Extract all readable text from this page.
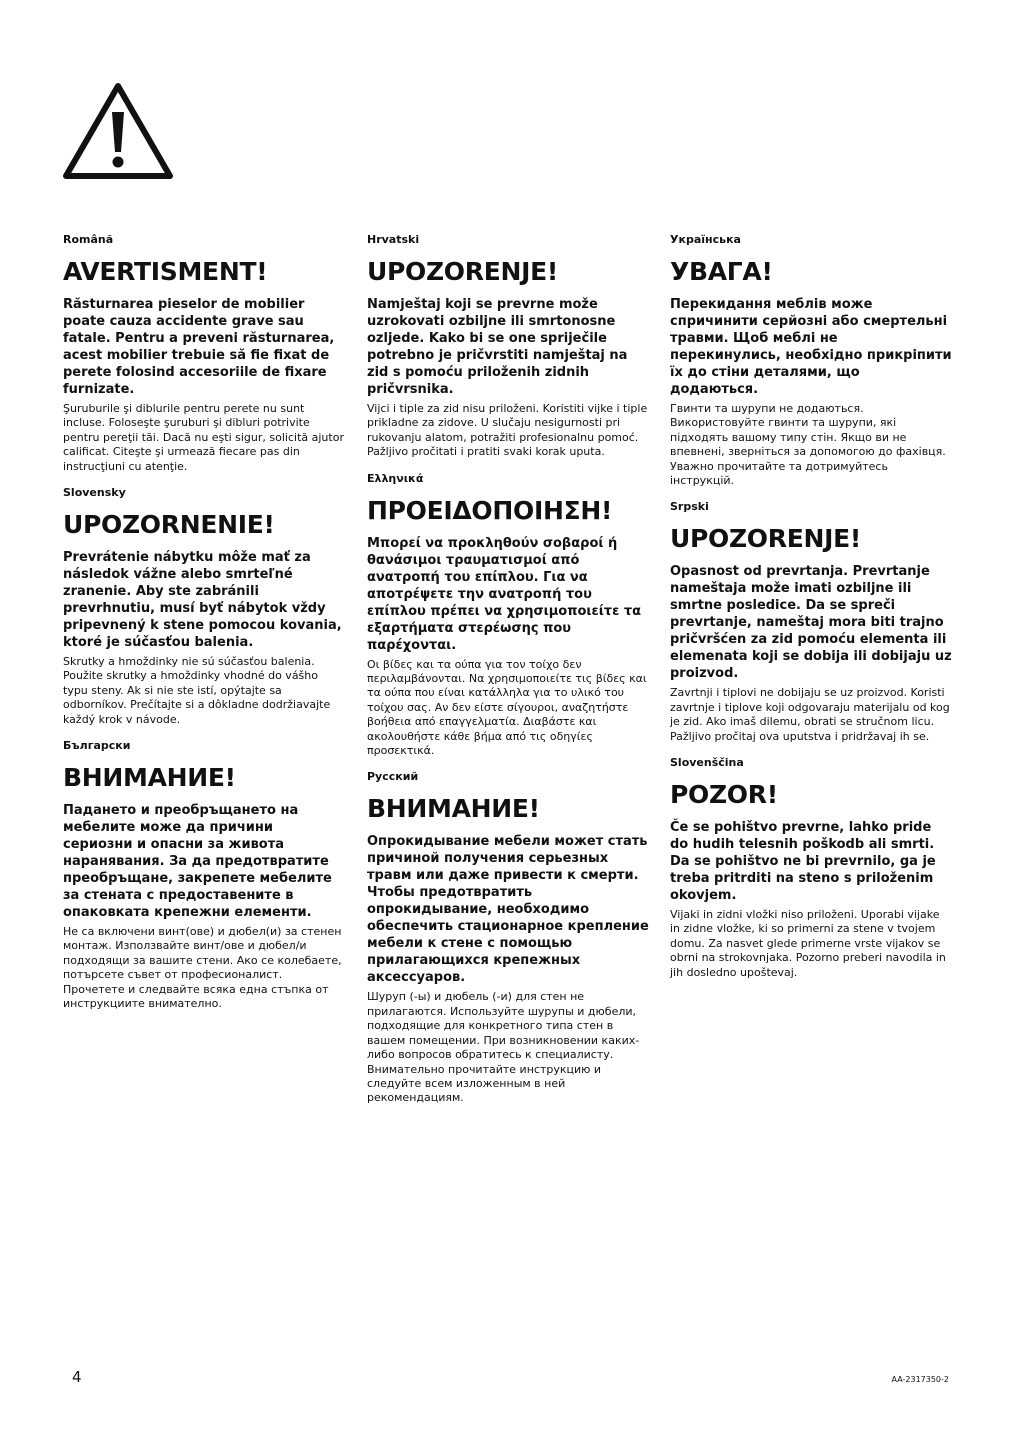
Română
AVERTISMENT!

Răsturnarea pieselor de mobilier poate cauza accidente grave sau fatale. Pentru a preveni răsturnarea, acest mobilier trebuie să fie fixat de perete folosind accesoriile de fixare furnizate.

Şuruburile şi diblurile pentru perete nu sunt incluse. Foloseşte şuruburi şi dibluri potrivite pentru pereţii tăi. Dacă nu eşti sigur, solicită ajutor calificat. Citeşte şi urmează fiecare pas din instrucţiuni cu atenţie.

Slovensky
UPOZORNENIE!

Prevrátenie nábytku môže mať za následok vážne alebo smrteľné zranenie. Aby ste zabránili prevrhnutiu, musí byť nábytok vždy pripevnený k stene pomocou kovania, ktoré je súčasťou balenia.

Skrutky a hmoždinky nie sú súčasťou balenia. Použite skrutky a hmoždinky vhodné do vášho typu steny. Ak si nie ste istí, opýtajte sa odborníkov. Prečítajte si a dôkladne dodržiavajte každý krok v návode.

Български
ВНИМАНИЕ!

Падането и преобръщането на мебелите може да причини сериозни и опасни за живота наранявания. За да предотвратите преобръщане, закрепете мебелите за стената с предоставените в опаковката крепежни елементи.

Не са включени винт(ове) и дюбел(и) за стенен монтаж. Използвайте винт/ове и дюбел/и подходящи за вашите стени. Ако се колебаете, потърсете съвет от професионалист. Прочетете и следвайте всяка една стъпка от инструкциите внимателно.

Hrvatski
UPOZORENJE!

Namještaj koji se prevrne može uzrokovati ozbiljne ili smrtonosne ozljede. Kako bi se one spriječile potrebno je pričvrstiti namještaj na zid s pomoću priloženih zidnih pričvrsnika.

Vijci i tiple za zid nisu priloženi. Koristiti vijke i tiple prikladne za zidove. U slučaju nesigurnosti pri rukovanju alatom, potražiti profesionalnu pomoć. Pažljivo pročitati i pratiti svaki korak uputa.

Ελληνικά
ΠΡΟΕΙΔΟΠΟΙΗΣΗ!

Μπορεί να προκληθούν σοβαροί ή θανάσιμοι τραυματισμοί από ανατροπή του επίπλου. Για να αποτρέψετε την ανατροπή του επίπλου πρέπει να χρησιμοποιείτε τα εξαρτήματα στερέωσης που παρέχονται.

Οι βίδες και τα ούπα για τον τοίχο δεν περιλαμβάνονται. Να χρησιμοποιείτε τις βίδες και τα ούπα που είναι κατάλληλα για το υλικό του τοίχου σας. Αν δεν είστε σίγουροι, αναζητήστε βοήθεια από επαγγελματία. Διαβάστε και ακολουθήστε κάθε βήμα από τις οδηγίες προσεκτικά.

Русский
ВНИМАНИЕ!

Опрокидывание мебели может стать причиной получения серьезных травм или даже привести к смерти. Чтобы предотвратить опрокидывание, необходимо обеспечить стационарное крепление мебели к стене с помощью прилагающихся крепежных аксессуаров.

Шуруп (-ы) и дюбель (-и) для стен не прилагаются. Используйте шурупы и дюбели, подходящие для конкретного типа стен в вашем помещении. При возникновении каких-либо вопросов обратитесь к специалисту. Внимательно прочитайте инструкцию и следуйте всем изложенным в ней рекомендациям.

Українська
УВАГА!

Перекидання меблів може спричинити серйозні або смертельні травми. Щоб меблі не перекинулись, необхідно прикріпити їх до стіни деталями, що додаються.

Гвинти та шурупи не додаються. Використовуйте гвинти та шурупи, які підходять вашому типу стін. Якщо ви не впевнені, зверніться за допомогою до фахівця. Уважно прочитайте та дотримуйтесь інструкцій.

Srpski
UPOZORENJE!

Opasnost od prevrtanja. Prevrtanje nameštaja može imati ozbiljne ili smrtne posledice. Da se spreči prevrtanje, nameštaj mora biti trajno pričvršćen za zid pomoću elementa ili elemenata koji se dobija ili dobijaju uz proizvod.

Zavrtnji i tiplovi ne dobijaju se uz proizvod. Koristi zavrtnje i tiplove koji odgovaraju materijalu od kog je zid. Ako imaš dilemu, obrati se stručnom licu. Pažljivo pročitaj ova uputstva i pridržavaj ih se.

Slovenščina
POZOR!

Če se pohištvo prevrne, lahko pride do hudih telesnih poškodb ali smrti. Da se pohištvo ne bi prevrnilo, ga je treba pritrditi na steno s priloženim okovjem.

Vijaki in zidni vložki niso priloženi. Uporabi vijake in zidne vložke, ki so primerni za stene v tvojem domu. Za nasvet glede primerne vrste vijakov se obrni na strokovnjaka. Pozorno preberi navodila in jih dosledno upoštevaj.

4	AA-2317350-2
